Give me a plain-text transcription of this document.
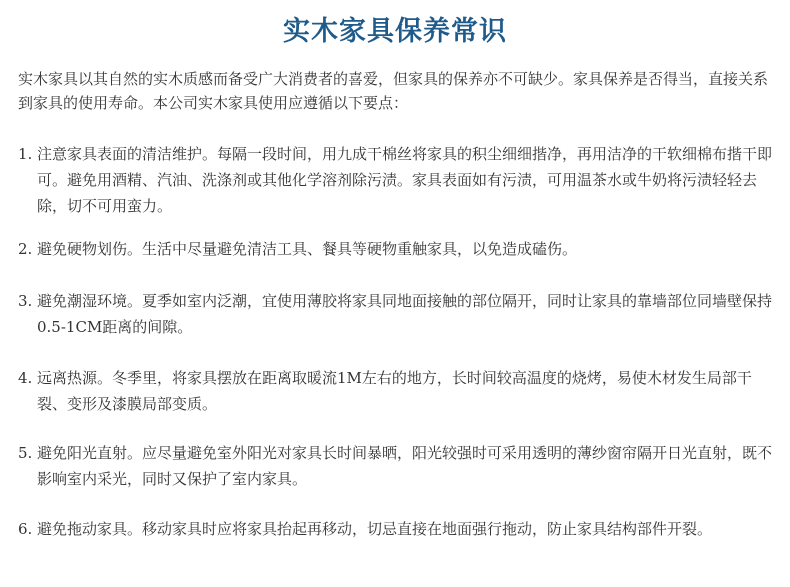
实木家具保养常识
实木家具以其自然的实木质感而备受广大消费者的喜爱，但家具的保养亦不可缺少。家具保养是否得当，直接关系到家具的使用寿命。本公司实木家具使用应遵循以下要点：
1. 注意家具表面的清洁维护。每隔一段时间，用九成干棉丝将家具的积尘细细揩净，再用洁净的干软细棉布揩干即可。避免用酒精、汽油、洗涤剂或其他化学溶剂除污渍。家具表面如有污渍，可用温茶水或牛奶将污渍轻轻去除，切不可用蛮力。
2. 避免硬物划伤。生活中尽量避免清洁工具、餐具等硬物重触家具，以免造成磕伤。
3. 避免潮湿环境。夏季如室内泛潮，宜使用薄胶将家具同地面接触的部位隔开，同时让家具的靠墙部位同墙壁保持0.5-1CM距离的间隙。
4. 远离热源。冬季里，将家具摆放在距离取暖流1M左右的地方，长时间较高温度的烧烤，易使木材发生局部干裂、变形及漆膜局部变质。
5. 避免阳光直射。应尽量避免室外阳光对家具长时间暴晒，阳光较强时可采用透明的薄纱窗帘隔开日光直射，既不影响室内采光，同时又保护了室内家具。
6. 避免拖动家具。移动家具时应将家具抬起再移动，切忌直接在地面强行拖动，防止家具结构部件开裂。
